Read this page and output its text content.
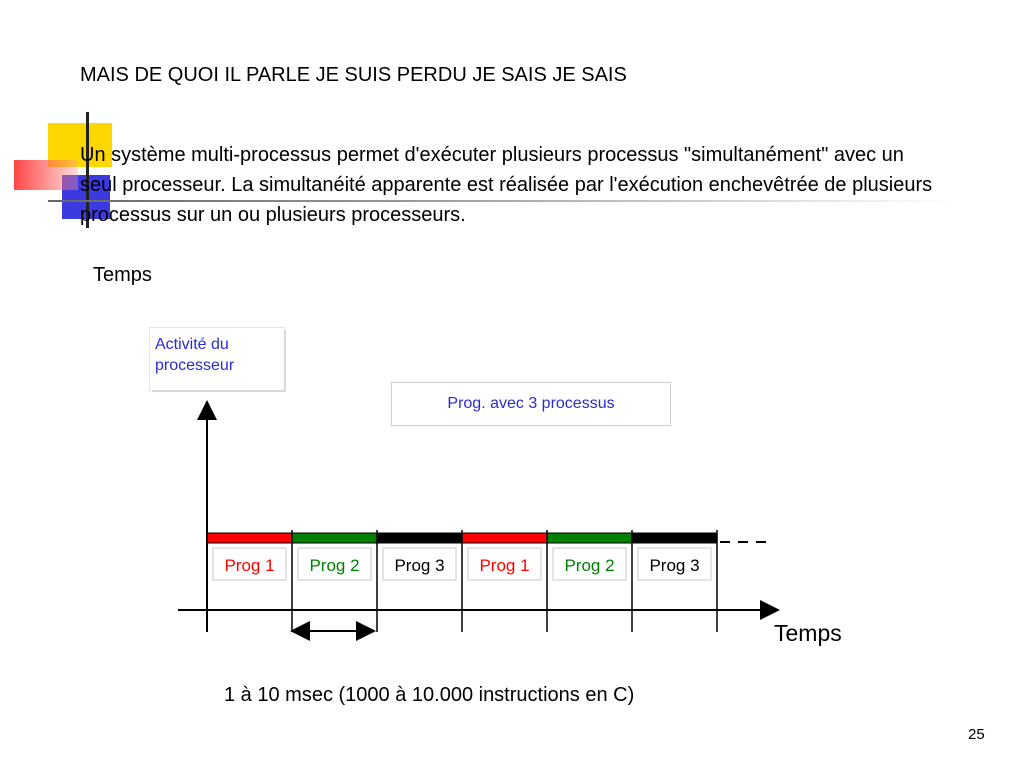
MAIS DE QUOI IL PARLE JE SUIS PERDU JE SAIS JE SAIS
Un système multi-processus permet d'exécuter plusieurs processus "simultanément" avec un seul processeur. La simultanéité apparente est réalisée par l'exécution enchevêtrée de plusieurs processus sur un ou plusieurs processeurs.
Temps
Prog 1 Prog 2 Prog 3 Prog 1 Prog 2 Prog 3
Activité du
processeur
Prog. avec 3 processus
Temps
1 à 10 msec (1000 à 10.000 instructions en C)
25
